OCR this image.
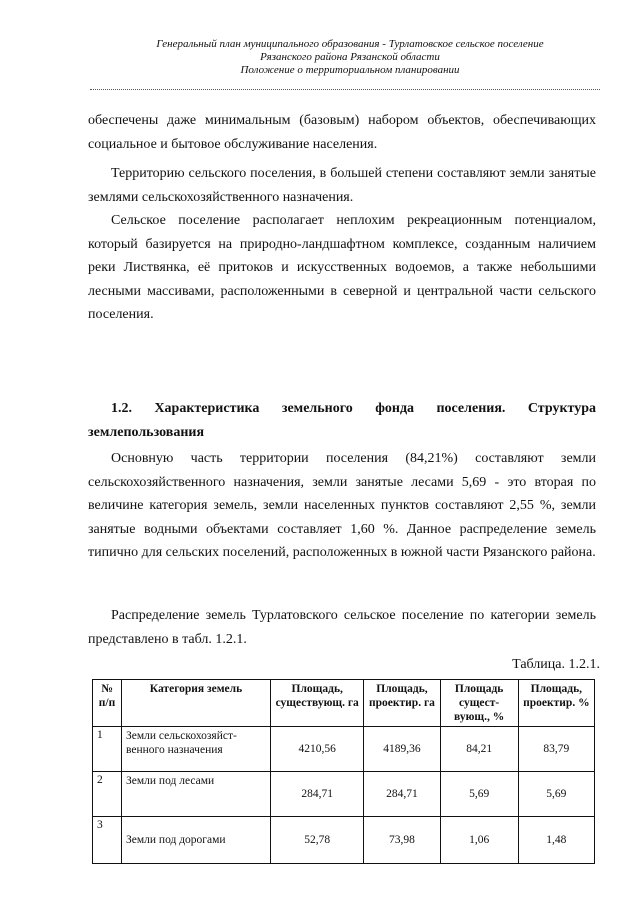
Генеральный план муниципального образования - Турлатовское сельское поселение
Рязанского района Рязанской области
Положение о территориальном планировании
обеспечены даже минимальным (базовым) набором объектов, обеспечивающих социальное и бытовое обслуживание населения.
Территорию сельского поселения, в большей степени составляют земли занятые землями сельскохозяйственного назначения.
Сельское поселение располагает неплохим рекреационным потенциалом, который базируется на природно-ландшафтном комплексе, созданным наличием реки Листвянка, её притоков и искусственных водоемов, а также небольшими лесными массивами, расположенными в северной и центральной части сельского поселения.
1.2. Характеристика земельного фонда поселения. Структура землепользования
Основную часть территории поселения (84,21%) составляют земли сельскохозяйственного назначения, земли занятые лесами 5,69 - это вторая по величине категория земель, земли населенных пунктов составляют 2,55 %, земли занятые водными объектами составляет 1,60 %. Данное распределение земель типично для сельских поселений, расположенных в южной части Рязанского района.
Распределение земель Турлатовского сельское поселение по категории земель представлено в табл. 1.2.1.
Таблица. 1.2.1.
№ п/п	Категория земель	Площадь, существующ. га	Площадь, проектир. га	Площадь сущест-вующ., %	Площадь, проектир. %
1	Земли сельскохозяйст-венного назначения	4210,56	4189,36	84,21	83,79
2	Земли под лесами	284,71	284,71	5,69	5,69
3	Земли под дорогами	52,78	73,98	1,06	1,48
